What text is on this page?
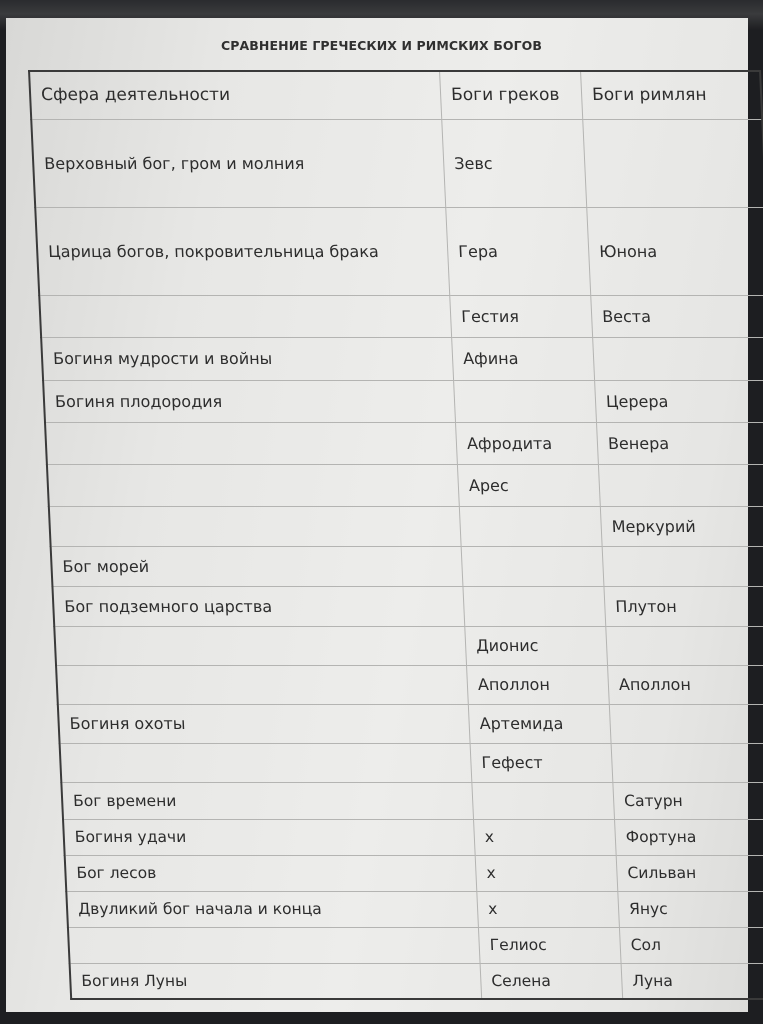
СРАВНЕНИЕ ГРЕЧЕСКИХ И РИМСКИХ БОГОВ
Сфера деятельности	Боги греков	Боги римлян
Верховный бог, гром и молния	Зевс	
Царица богов, покровительница брака	Гера	Юнона
	Гестия	Веста
Богиня мудрости и войны	Афина	
Богиня плодородия		Церера
	Афродита	Венера
	Арес	
		Меркурий
Бог морей		
Бог подземного царства		Плутон
	Дионис	
	Аполлон	Аполлон
Богиня охоты	Артемида	
	Гефест	
Бог времени		Сатурн
Богиня удачи	х	Фортуна
Бог лесов	х	Сильван
Двуликий бог начала и конца	х	Янус
	Гелиос	Сол
Богиня Луны	Селена	Луна
